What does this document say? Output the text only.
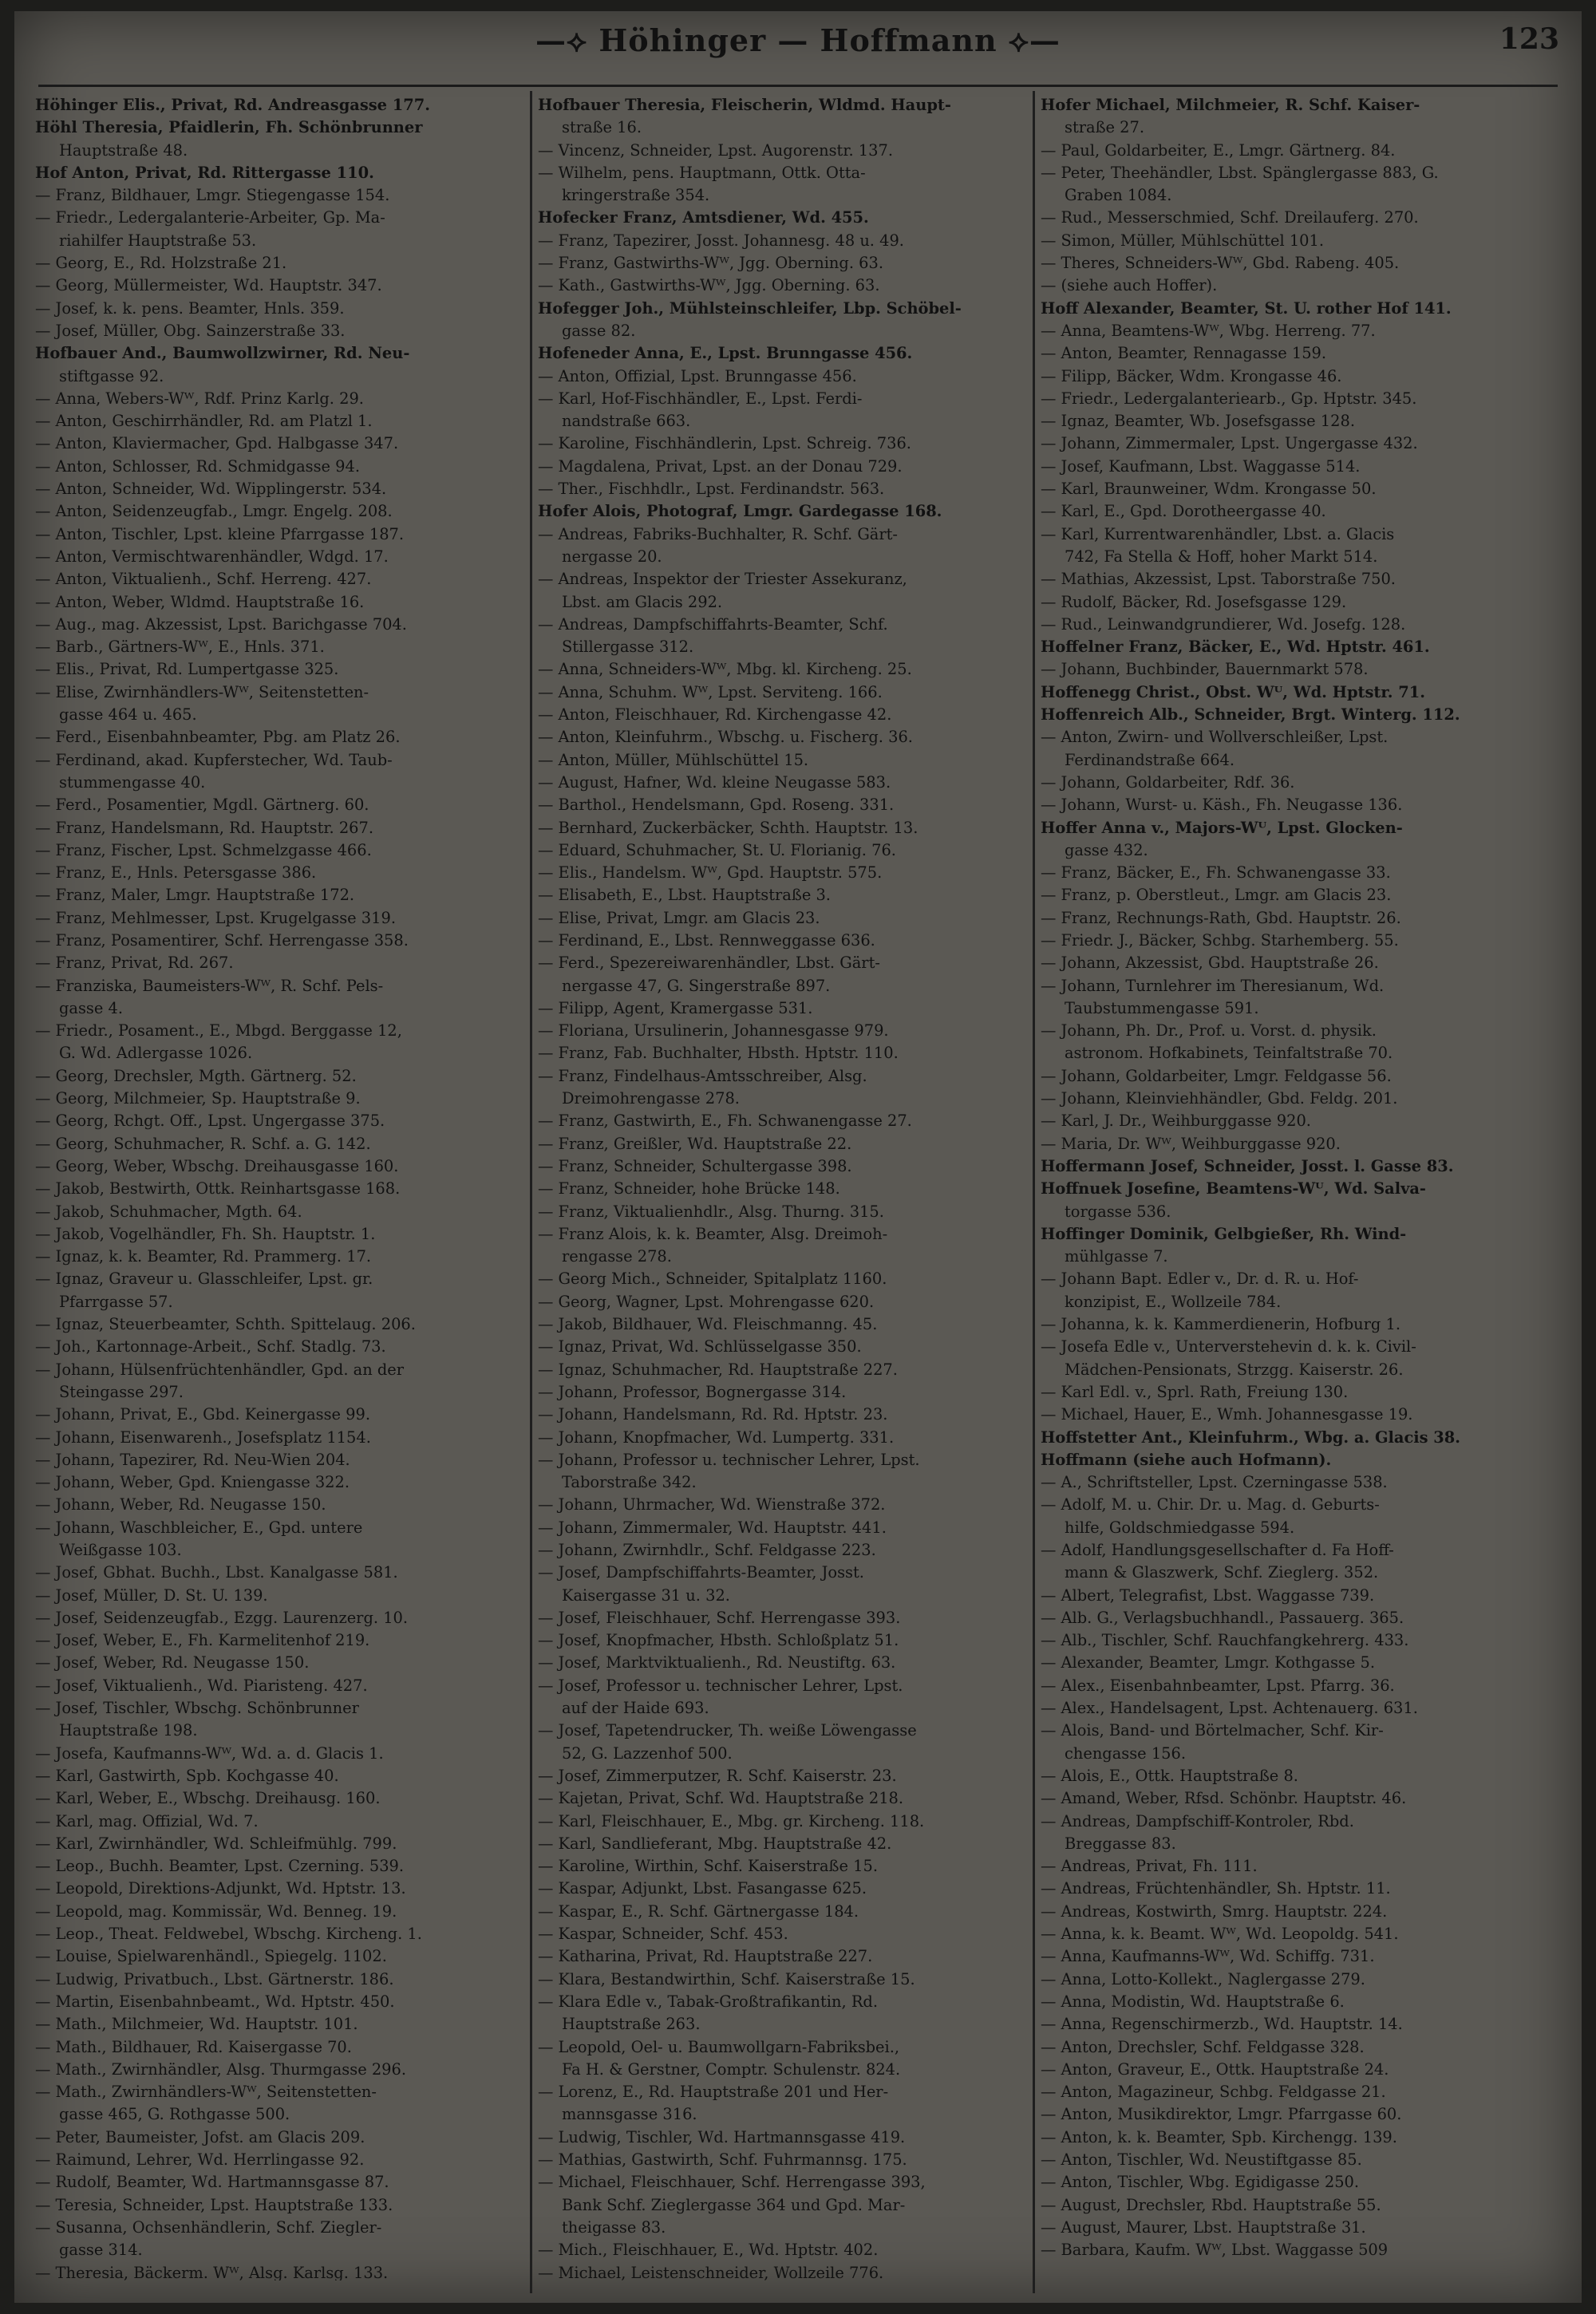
—⟡ Höhinger — Hoffmann ⟡—	123
Höhinger Elis., Privat, Rd. Andreasgasse 177.
Höhl Theresia, Pfaidlerin, Fh. Schönbrunner
Hauptstraße 48.
Hof Anton, Privat, Rd. Rittergasse 110.
— Franz, Bildhauer, Lmgr. Stiegengasse 154.
— Friedr., Ledergalanterie-Arbeiter, Gp. Ma-
riahilfer Hauptstraße 53.
— Georg, E., Rd. Holzstraße 21.
— Georg, Müllermeister, Wd. Hauptstr. 347.
— Josef, k. k. pens. Beamter, Hnls. 359.
— Josef, Müller, Obg. Sainzerstraße 33.
Hofbauer And., Baumwollzwirner, Rd. Neu-
stiftgasse 92.
— Anna, Webers-Wᵂ, Rdf. Prinz Karlg. 29.
— Anton, Geschirrhändler, Rd. am Platzl 1.
— Anton, Klaviermacher, Gpd. Halbgasse 347.
— Anton, Schlosser, Rd. Schmidgasse 94.
— Anton, Schneider, Wd. Wipplingerstr. 534.
— Anton, Seidenzeugfab., Lmgr. Engelg. 208.
— Anton, Tischler, Lpst. kleine Pfarrgasse 187.
— Anton, Vermischtwarenhändler, Wdgd. 17.
— Anton, Viktualienh., Schf. Herreng. 427.
— Anton, Weber, Wldmd. Hauptstraße 16.
— Aug., mag. Akzessist, Lpst. Barichgasse 704.
— Barb., Gärtners-Wᵂ, E., Hnls. 371.
— Elis., Privat, Rd. Lumpertgasse 325.
— Elise, Zwirnhändlers-Wᵂ, Seitenstetten-
gasse 464 u. 465.
— Ferd., Eisenbahnbeamter, Pbg. am Platz 26.
— Ferdinand, akad. Kupferstecher, Wd. Taub-
stummengasse 40.
— Ferd., Posamentier, Mgdl. Gärtnerg. 60.
— Franz, Handelsmann, Rd. Hauptstr. 267.
— Franz, Fischer, Lpst. Schmelzgasse 466.
— Franz, E., Hnls. Petersgasse 386.
— Franz, Maler, Lmgr. Hauptstraße 172.
— Franz, Mehlmesser, Lpst. Krugelgasse 319.
— Franz, Posamentirer, Schf. Herrengasse 358.
— Franz, Privat, Rd. 267.
— Franziska, Baumeisters-Wᵂ, R. Schf. Pels-
gasse 4.
— Friedr., Posament., E., Mbgd. Berggasse 12,
G. Wd. Adlergasse 1026.
— Georg, Drechsler, Mgth. Gärtnerg. 52.
— Georg, Milchmeier, Sp. Hauptstraße 9.
— Georg, Rchgt. Off., Lpst. Ungergasse 375.
— Georg, Schuhmacher, R. Schf. a. G. 142.
— Georg, Weber, Wbschg. Dreihausgasse 160.
— Jakob, Bestwirth, Ottk. Reinhartsgasse 168.
— Jakob, Schuhmacher, Mgth. 64.
— Jakob, Vogelhändler, Fh. Sh. Hauptstr. 1.
— Ignaz, k. k. Beamter, Rd. Prammerg. 17.
— Ignaz, Graveur u. Glasschleifer, Lpst. gr.
Pfarrgasse 57.
— Ignaz, Steuerbeamter, Schth. Spittelaug. 206.
— Joh., Kartonnage-Arbeit., Schf. Stadlg. 73.
— Johann, Hülsenfrüchtenhändler, Gpd. an der
Steingasse 297.
— Johann, Privat, E., Gbd. Keinergasse 99.
— Johann, Eisenwarenh., Josefsplatz 1154.
— Johann, Tapezirer, Rd. Neu-Wien 204.
— Johann, Weber, Gpd. Kniengasse 322.
— Johann, Weber, Rd. Neugasse 150.
— Johann, Waschbleicher, E., Gpd. untere
Weißgasse 103.
— Josef, Gbhat. Buchh., Lbst. Kanalgasse 581.
— Josef, Müller, D. St. U. 139.
— Josef, Seidenzeugfab., Ezgg. Laurenzerg. 10.
— Josef, Weber, E., Fh. Karmelitenhof 219.
— Josef, Weber, Rd. Neugasse 150.
— Josef, Viktualienh., Wd. Piaristeng. 427.
— Josef, Tischler, Wbschg. Schönbrunner
Hauptstraße 198.
— Josefa, Kaufmanns-Wᵂ, Wd. a. d. Glacis 1.
— Karl, Gastwirth, Spb. Kochgasse 40.
— Karl, Weber, E., Wbschg. Dreihausg. 160.
— Karl, mag. Offizial, Wd. 7.
— Karl, Zwirnhändler, Wd. Schleifmühlg. 799.
— Leop., Buchh. Beamter, Lpst. Czerning. 539.
— Leopold, Direktions-Adjunkt, Wd. Hptstr. 13.
— Leopold, mag. Kommissär, Wd. Benneg. 19.
— Leop., Theat. Feldwebel, Wbschg. Kircheng. 1.
— Louise, Spielwarenhändl., Spiegelg. 1102.
— Ludwig, Privatbuch., Lbst. Gärtnerstr. 186.
— Martin, Eisenbahnbeamt., Wd. Hptstr. 450.
— Math., Milchmeier, Wd. Hauptstr. 101.
— Math., Bildhauer, Rd. Kaisergasse 70.
— Math., Zwirnhändler, Alsg. Thurmgasse 296.
— Math., Zwirnhändlers-Wᵂ, Seitenstetten-
gasse 465, G. Rothgasse 500.
— Peter, Baumeister, Jofst. am Glacis 209.
— Raimund, Lehrer, Wd. Herrlingasse 92.
— Rudolf, Beamter, Wd. Hartmannsgasse 87.
— Teresia, Schneider, Lpst. Hauptstraße 133.
— Susanna, Ochsenhändlerin, Schf. Ziegler-
gasse 314.
— Theresia, Bäckerm. Wᵂ, Alsg. Karlsg. 133.
Hofbauer Theresia, Fleischerin, Wldmd. Haupt-
straße 16.
— Vincenz, Schneider, Lpst. Augorenstr. 137.
— Wilhelm, pens. Hauptmann, Ottk. Otta-
kringerstraße 354.
Hofecker Franz, Amtsdiener, Wd. 455.
— Franz, Tapezirer, Josst. Johannesg. 48 u. 49.
— Franz, Gastwirths-Wᵂ, Jgg. Oberning. 63.
— Kath., Gastwirths-Wᵂ, Jgg. Oberning. 63.
Hofegger Joh., Mühlsteinschleifer, Lbp. Schöbel-
gasse 82.
Hofeneder Anna, E., Lpst. Brunngasse 456.
— Anton, Offizial, Lpst. Brunngasse 456.
— Karl, Hof-Fischhändler, E., Lpst. Ferdi-
nandstraße 663.
— Karoline, Fischhändlerin, Lpst. Schreig. 736.
— Magdalena, Privat, Lpst. an der Donau 729.
— Ther., Fischhdlr., Lpst. Ferdinandstr. 563.
Hofer Alois, Photograf, Lmgr. Gardegasse 168.
— Andreas, Fabriks-Buchhalter, R. Schf. Gärt-
nergasse 20.
— Andreas, Inspektor der Triester Assekuranz,
Lbst. am Glacis 292.
— Andreas, Dampfschiffahrts-Beamter, Schf.
Stillergasse 312.
— Anna, Schneiders-Wᵂ, Mbg. kl. Kircheng. 25.
— Anna, Schuhm. Wᵂ, Lpst. Serviteng. 166.
— Anton, Fleischhauer, Rd. Kirchengasse 42.
— Anton, Kleinfuhrm., Wbschg. u. Fischerg. 36.
— Anton, Müller, Mühlschüttel 15.
— August, Hafner, Wd. kleine Neugasse 583.
— Barthol., Hendelsmann, Gpd. Roseng. 331.
— Bernhard, Zuckerbäcker, Schth. Hauptstr. 13.
— Eduard, Schuhmacher, St. U. Florianig. 76.
— Elis., Handelsm. Wᵂ, Gpd. Hauptstr. 575.
— Elisabeth, E., Lbst. Hauptstraße 3.
— Elise, Privat, Lmgr. am Glacis 23.
— Ferdinand, E., Lbst. Rennweggasse 636.
— Ferd., Spezereiwarenhändler, Lbst. Gärt-
nergasse 47, G. Singerstraße 897.
— Filipp, Agent, Kramergasse 531.
— Floriana, Ursulinerin, Johannesgasse 979.
— Franz, Fab. Buchhalter, Hbsth. Hptstr. 110.
— Franz, Findelhaus-Amtsschreiber, Alsg.
Dreimohrengasse 278.
— Franz, Gastwirth, E., Fh. Schwanengasse 27.
— Franz, Greißler, Wd. Hauptstraße 22.
— Franz, Schneider, Schultergasse 398.
— Franz, Schneider, hohe Brücke 148.
— Franz, Viktualienhdlr., Alsg. Thurng. 315.
— Franz Alois, k. k. Beamter, Alsg. Dreimoh-
rengasse 278.
— Georg Mich., Schneider, Spitalplatz 1160.
— Georg, Wagner, Lpst. Mohrengasse 620.
— Jakob, Bildhauer, Wd. Fleischmanng. 45.
— Ignaz, Privat, Wd. Schlüsselgasse 350.
— Ignaz, Schuhmacher, Rd. Hauptstraße 227.
— Johann, Professor, Bognergasse 314.
— Johann, Handelsmann, Rd. Rd. Hptstr. 23.
— Johann, Knopfmacher, Wd. Lumpertg. 331.
— Johann, Professor u. technischer Lehrer, Lpst.
Taborstraße 342.
— Johann, Uhrmacher, Wd. Wienstraße 372.
— Johann, Zimmermaler, Wd. Hauptstr. 441.
— Johann, Zwirnhdlr., Schf. Feldgasse 223.
— Josef, Dampfschiffahrts-Beamter, Josst.
Kaisergasse 31 u. 32.
— Josef, Fleischhauer, Schf. Herrengasse 393.
— Josef, Knopfmacher, Hbsth. Schloßplatz 51.
— Josef, Marktviktualienh., Rd. Neustiftg. 63.
— Josef, Professor u. technischer Lehrer, Lpst.
auf der Haide 693.
— Josef, Tapetendrucker, Th. weiße Löwengasse
52, G. Lazzenhof 500.
— Josef, Zimmerputzer, R. Schf. Kaiserstr. 23.
— Kajetan, Privat, Schf. Wd. Hauptstraße 218.
— Karl, Fleischhauer, E., Mbg. gr. Kircheng. 118.
— Karl, Sandlieferant, Mbg. Hauptstraße 42.
— Karoline, Wirthin, Schf. Kaiserstraße 15.
— Kaspar, Adjunkt, Lbst. Fasangasse 625.
— Kaspar, E., R. Schf. Gärtnergasse 184.
— Kaspar, Schneider, Schf. 453.
— Katharina, Privat, Rd. Hauptstraße 227.
— Klara, Bestandwirthin, Schf. Kaiserstraße 15.
— Klara Edle v., Tabak-Großtrafikantin, Rd.
Hauptstraße 263.
— Leopold, Oel- u. Baumwollgarn-Fabriksbei.,
Fa H. & Gerstner, Comptr. Schulenstr. 824.
— Lorenz, E., Rd. Hauptstraße 201 und Her-
mannsgasse 316.
— Ludwig, Tischler, Wd. Hartmannsgasse 419.
— Mathias, Gastwirth, Schf. Fuhrmannsg. 175.
— Michael, Fleischhauer, Schf. Herrengasse 393,
Bank Schf. Zieglergasse 364 und Gpd. Mar-
theigasse 83.
— Mich., Fleischhauer, E., Wd. Hptstr. 402.
— Michael, Leistenschneider, Wollzeile 776.
Hofer Michael, Milchmeier, R. Schf. Kaiser-
straße 27.
— Paul, Goldarbeiter, E., Lmgr. Gärtnerg. 84.
— Peter, Theehändler, Lbst. Spänglergasse 883, G.
Graben 1084.
— Rud., Messerschmied, Schf. Dreilauferg. 270.
— Simon, Müller, Mühlschüttel 101.
— Theres, Schneiders-Wᵂ, Gbd. Rabeng. 405.
— (siehe auch Hoffer).
Hoff Alexander, Beamter, St. U. rother Hof 141.
— Anna, Beamtens-Wᵂ, Wbg. Herreng. 77.
— Anton, Beamter, Rennagasse 159.
— Filipp, Bäcker, Wdm. Krongasse 46.
— Friedr., Ledergalanteriearb., Gp. Hptstr. 345.
— Ignaz, Beamter, Wb. Josefsgasse 128.
— Johann, Zimmermaler, Lpst. Ungergasse 432.
— Josef, Kaufmann, Lbst. Waggasse 514.
— Karl, Braunweiner, Wdm. Krongasse 50.
— Karl, E., Gpd. Dorotheergasse 40.
— Karl, Kurrentwarenhändler, Lbst. a. Glacis
742, Fa Stella & Hoff, hoher Markt 514.
— Mathias, Akzessist, Lpst. Taborstraße 750.
— Rudolf, Bäcker, Rd. Josefsgasse 129.
— Rud., Leinwandgrundierer, Wd. Josefg. 128.
Hoffelner Franz, Bäcker, E., Wd. Hptstr. 461.
— Johann, Buchbinder, Bauernmarkt 578.
Hoffenegg Christ., Obst. Wᵂ, Wd. Hptstr. 71.
Hoffenreich Alb., Schneider, Brgt. Winterg. 112.
— Anton, Zwirn- und Wollverschleißer, Lpst.
Ferdinandstraße 664.
— Johann, Goldarbeiter, Rdf. 36.
— Johann, Wurst- u. Käsh., Fh. Neugasse 136.
Hoffer Anna v., Majors-Wᵂ, Lpst. Glocken-
gasse 432.
— Franz, Bäcker, E., Fh. Schwanengasse 33.
— Franz, p. Oberstleut., Lmgr. am Glacis 23.
— Franz, Rechnungs-Rath, Gbd. Hauptstr. 26.
— Friedr. J., Bäcker, Schbg. Starhemberg. 55.
— Johann, Akzessist, Gbd. Hauptstraße 26.
— Johann, Turnlehrer im Theresianum, Wd.
Taubstummengasse 591.
— Johann, Ph. Dr., Prof. u. Vorst. d. physik.
astronom. Hofkabinets, Teinfaltstraße 70.
— Johann, Goldarbeiter, Lmgr. Feldgasse 56.
— Johann, Kleinviehhändler, Gbd. Feldg. 201.
— Karl, J. Dr., Weihburggasse 920.
— Maria, Dr. Wᵂ, Weihburggasse 920.
Hoffermann Josef, Schneider, Josst. l. Gasse 83.
Hoffnuek Josefine, Beamtens-Wᵂ, Wd. Salva-
torgasse 536.
Hoffinger Dominik, Gelbgießer, Rh. Wind-
mühlgasse 7.
— Johann Bapt. Edler v., Dr. d. R. u. Hof-
konzipist, E., Wollzeile 784.
— Johanna, k. k. Kammerdienerin, Hofburg 1.
— Josefa Edle v., Unterverstehevin d. k. k. Civil-
Mädchen-Pensionats, Strzgg. Kaiserstr. 26.
— Karl Edl. v., Sprl. Rath, Freiung 130.
— Michael, Hauer, E., Wmh. Johannesgasse 19.
Hoffstetter Ant., Kleinfuhrm., Wbg. a. Glacis 38.
Hoffmann (siehe auch Hofmann).
— A., Schriftsteller, Lpst. Czerningasse 538.
— Adolf, M. u. Chir. Dr. u. Mag. d. Geburts-
hilfe, Goldschmiedgasse 594.
— Adolf, Handlungsgesellschafter d. Fa Hoff-
mann & Glaszwerk, Schf. Zieglerg. 352.
— Albert, Telegrafist, Lbst. Waggasse 739.
— Alb. G., Verlagsbuchhandl., Passauerg. 365.
— Alb., Tischler, Schf. Rauchfangkehrerg. 433.
— Alexander, Beamter, Lmgr. Kothgasse 5.
— Alex., Eisenbahnbeamter, Lpst. Pfarrg. 36.
— Alex., Handelsagent, Lpst. Achtenauerg. 631.
— Alois, Band- und Börtelmacher, Schf. Kir-
chengasse 156.
— Alois, E., Ottk. Hauptstraße 8.
— Amand, Weber, Rfsd. Schönbr. Hauptstr. 46.
— Andreas, Dampfschiff-Kontroler, Rbd.
Breggasse 83.
— Andreas, Privat, Fh. 111.
— Andreas, Früchtenhändler, Sh. Hptstr. 11.
— Andreas, Kostwirth, Smrg. Hauptstr. 224.
— Anna, k. k. Beamt. Wᵂ, Wd. Leopoldg. 541.
— Anna, Kaufmanns-Wᵂ, Wd. Schiffg. 731.
— Anna, Lotto-Kollekt., Naglergasse 279.
— Anna, Modistin, Wd. Hauptstraße 6.
— Anna, Regenschirmerzb., Wd. Hauptstr. 14.
— Anton, Drechsler, Schf. Feldgasse 328.
— Anton, Graveur, E., Ottk. Hauptstraße 24.
— Anton, Magazineur, Schbg. Feldgasse 21.
— Anton, Musikdirektor, Lmgr. Pfarrgasse 60.
— Anton, k. k. Beamter, Spb. Kirchengg. 139.
— Anton, Tischler, Wd. Neustiftgasse 85.
— Anton, Tischler, Wbg. Egidigasse 250.
— August, Drechsler, Rbd. Hauptstraße 55.
— August, Maurer, Lbst. Hauptstraße 31.
— Barbara, Kaufm. Wᵂ, Lbst. Waggasse 509
